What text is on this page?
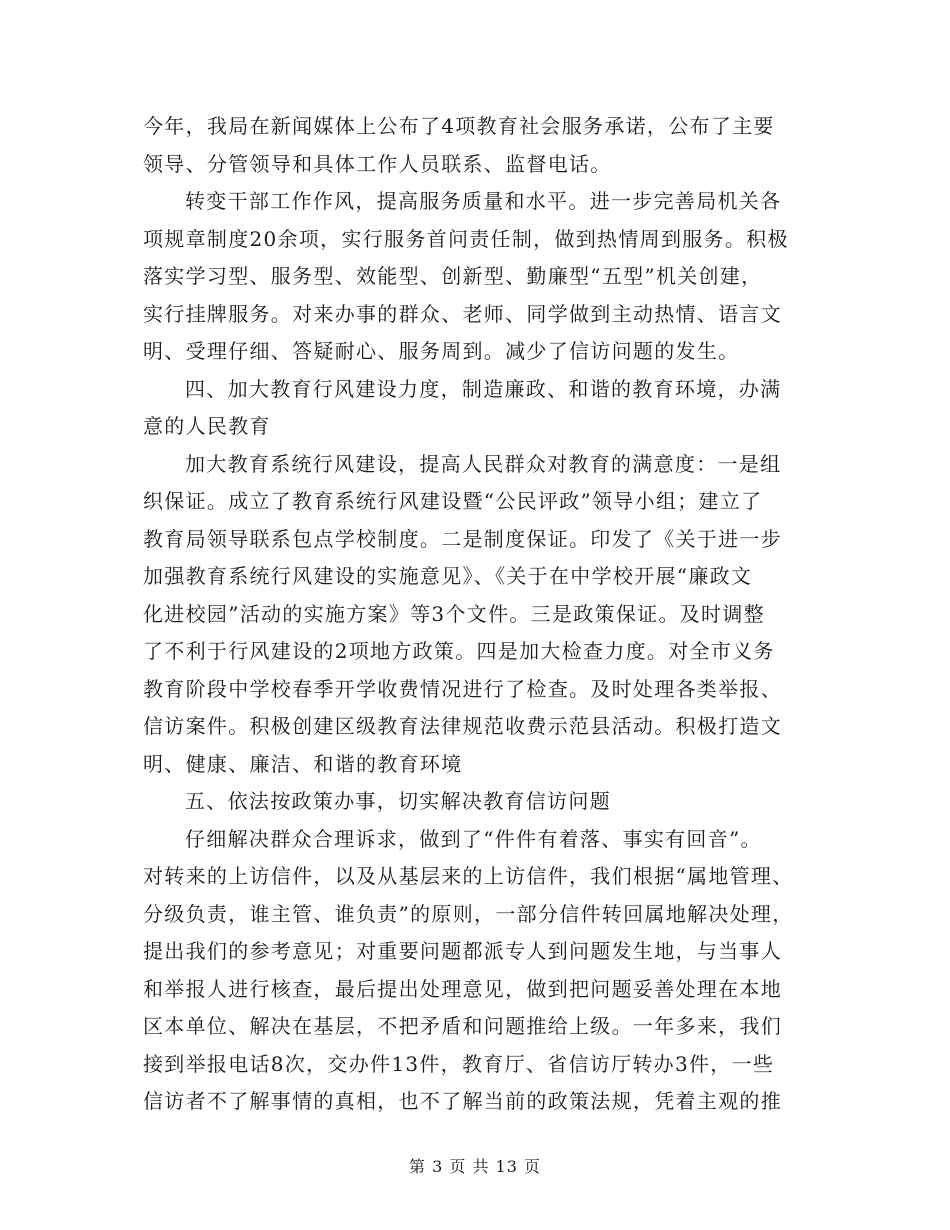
今年，我局在新闻媒体上公布了4项教育社会服务承诺，公布了主要
领导、分管领导和具体工作人员联系、监督电话。
转变干部工作作风，提高服务质量和水平。进一步完善局机关各
项规章制度20余项，实行服务首问责任制，做到热情周到服务。积极
落实学习型、服务型、效能型、创新型、勤廉型“五型”机关创建，
实行挂牌服务。对来办事的群众、老师、同学做到主动热情、语言文
明、受理仔细、答疑耐心、服务周到。减少了信访问题的发生。
四、加大教育行风建设力度，制造廉政、和谐的教育环境，办满
意的人民教育
加大教育系统行风建设，提高人民群众对教育的满意度：一是组
织保证。成立了教育系统行风建设暨“公民评政”领导小组；建立了
教育局领导联系包点学校制度。二是制度保证。印发了《关于进一步
加强教育系统行风建设的实施意见》、《关于在中学校开展“廉政文
化进校园”活动的实施方案》等3个文件。三是政策保证。及时调整
了不利于行风建设的2项地方政策。四是加大检查力度。对全市义务
教育阶段中学校春季开学收费情况进行了检查。及时处理各类举报、
信访案件。积极创建区级教育法律规范收费示范县活动。积极打造文
明、健康、廉洁、和谐的教育环境
五、依法按政策办事，切实解决教育信访问题
仔细解决群众合理诉求，做到了“件件有着落、事实有回音”。
对转来的上访信件，以及从基层来的上访信件，我们根据“属地管理、
分级负责，谁主管、谁负责”的原则，一部分信件转回属地解决处理，
提出我们的参考意见；对重要问题都派专人到问题发生地，与当事人
和举报人进行核查，最后提出处理意见，做到把问题妥善处理在本地
区本单位、解决在基层，不把矛盾和问题推给上级。一年多来，我们
接到举报电话8次，交办件13件，教育厅、省信访厅转办3件，一些
信访者不了解事情的真相，也不了解当前的政策法规，凭着主观的推
第 3 页 共 13 页
